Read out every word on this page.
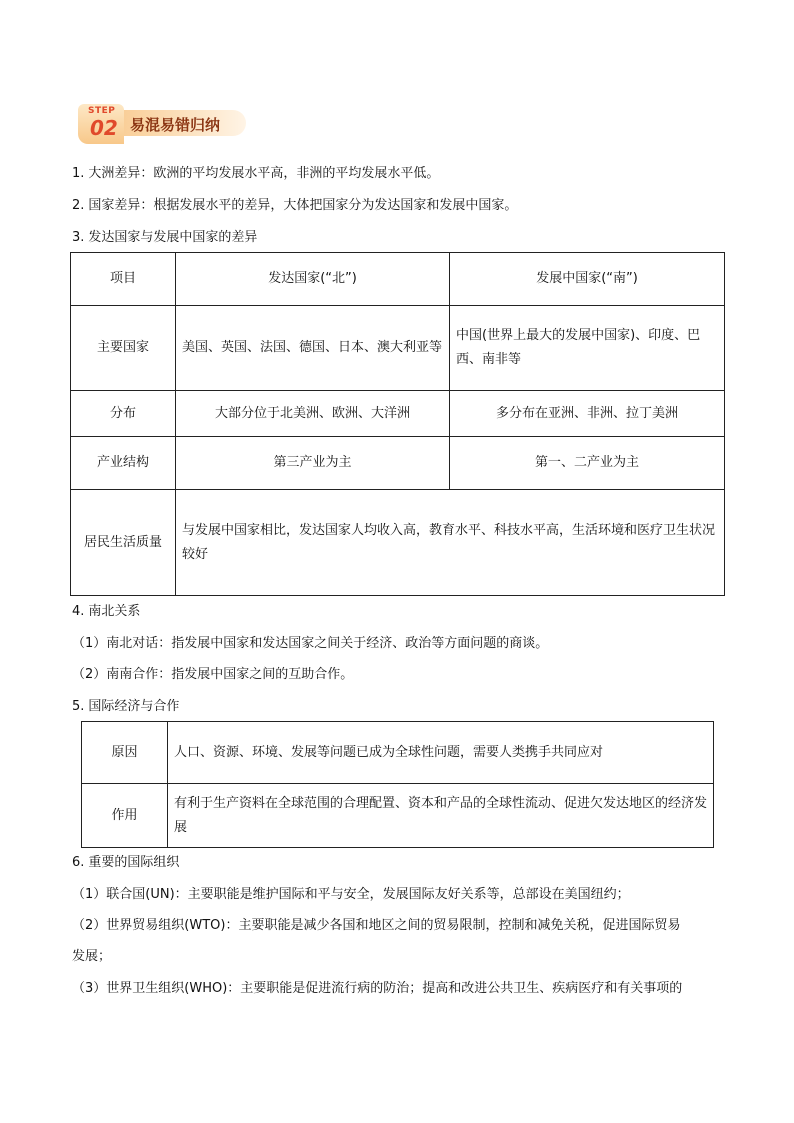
STEP
02 易混易错归纳
1. 大洲差异：欧洲的平均发展水平高，非洲的平均发展水平低。
2. 国家差异：根据发展水平的差异，大体把国家分为发达国家和发展中国家。
3. 发达国家与发展中国家的差异
项目	发达国家(“北”)	发展中国家(“南”)
主要国家	美国、英国、法国、德国、日本、澳大利亚等	中国(世界上最大的发展中国家)、印度、巴西、南非等
分布	大部分位于北美洲、欧洲、大洋洲	多分布在亚洲、非洲、拉丁美洲
产业结构	第三产业为主	第一、二产业为主
居民生活质量	与发展中国家相比，发达国家人均收入高，教育水平、科技水平高，生活环境和医疗卫生状况较好	
4. 南北关系
（1）南北对话：指发展中国家和发达国家之间关于经济、政治等方面问题的商谈。
（2）南南合作：指发展中国家之间的互助合作。
5. 国际经济与合作
原因	人口、资源、环境、发展等问题已成为全球性问题，需要人类携手共同应对
作用	有利于生产资料在全球范围的合理配置、资本和产品的全球性流动、促进欠发达地区的经济发展
6. 重要的国际组织
（1）联合国(UN)：主要职能是维护国际和平与安全，发展国际友好关系等，总部设在美国纽约；
（2）世界贸易组织(WTO)：主要职能是减少各国和地区之间的贸易限制，控制和减免关税，促进国际贸易
发展；
（3）世界卫生组织(WHO)：主要职能是促进流行病的防治；提高和改进公共卫生、疾病医疗和有关事项的
